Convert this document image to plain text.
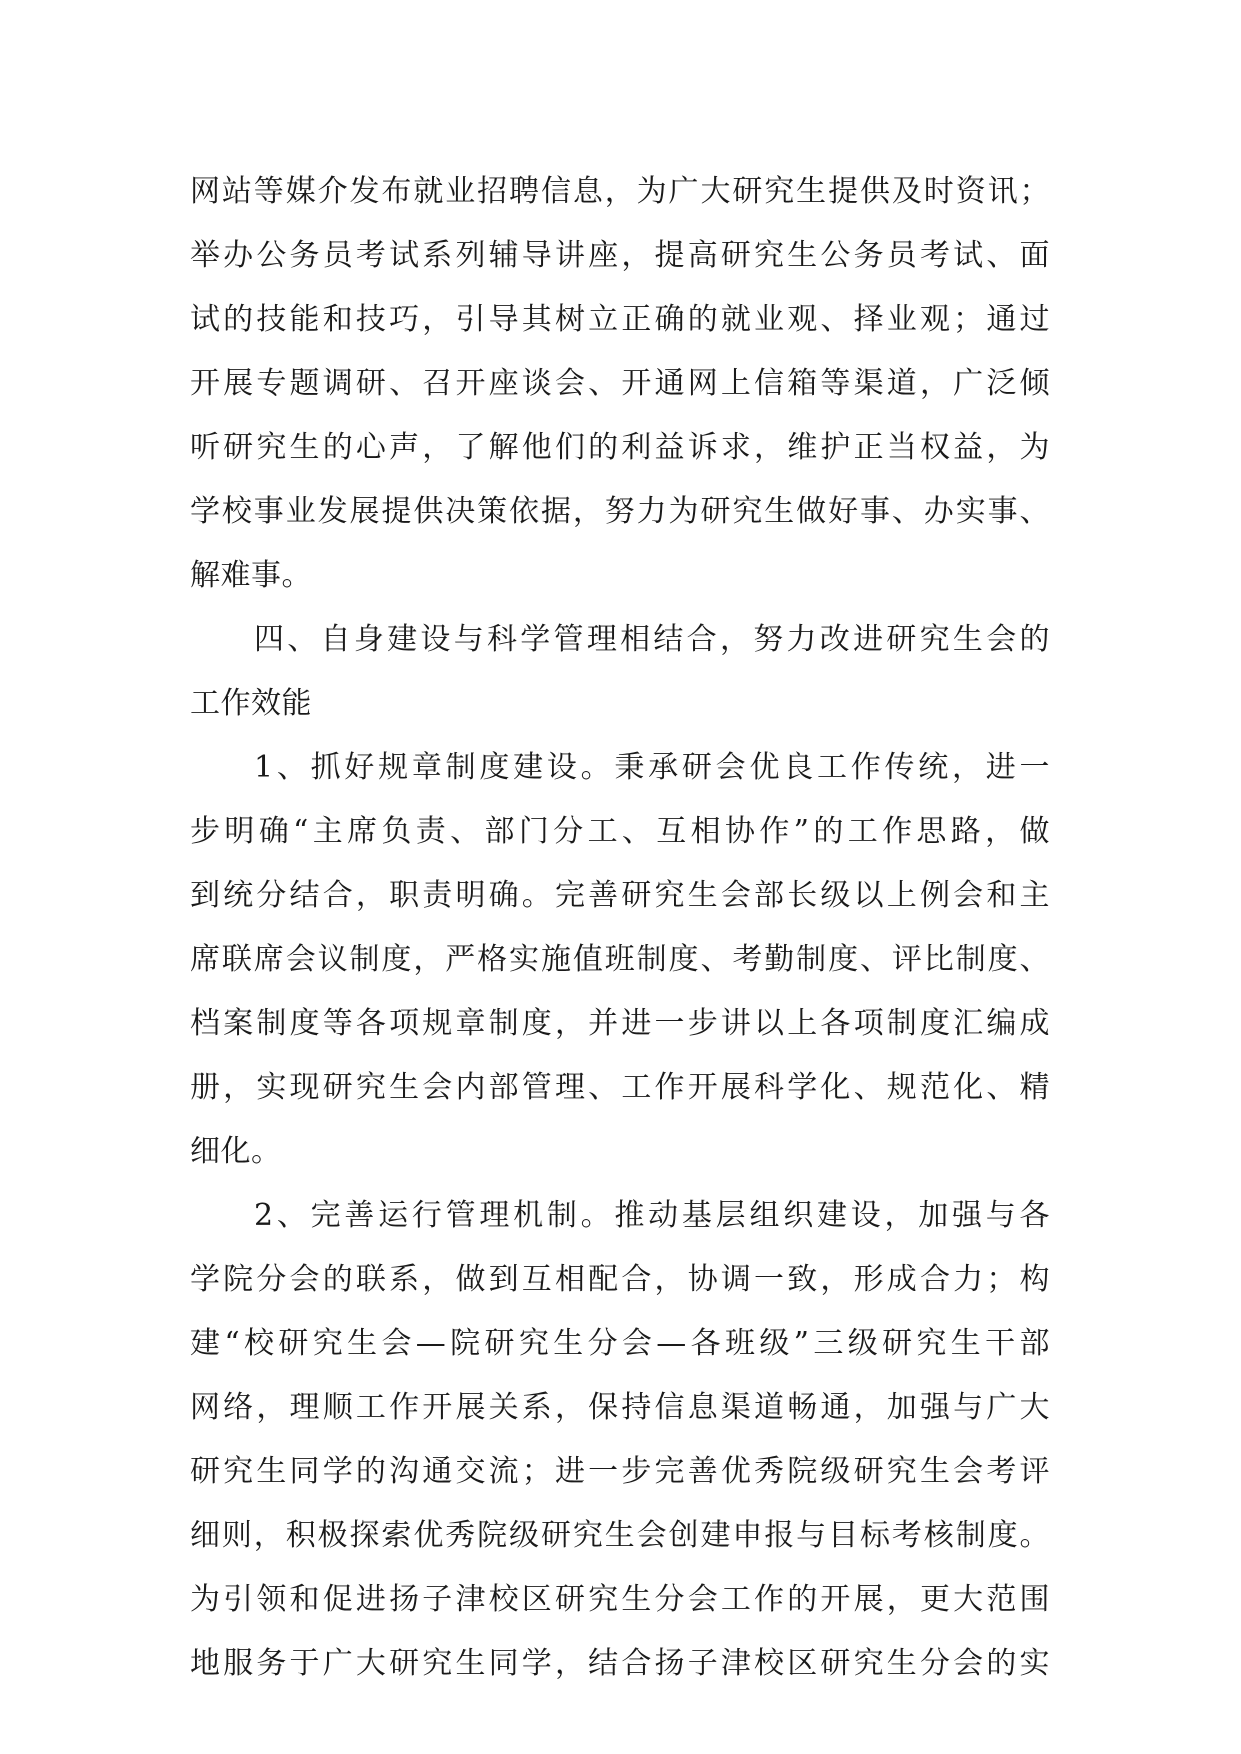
网站等媒介发布就业招聘信息，为广大研究生提供及时资讯；
举办公务员考试系列辅导讲座，提高研究生公务员考试、面
试的技能和技巧，引导其树立正确的就业观、择业观；通过
开展专题调研、召开座谈会、开通网上信箱等渠道，广泛倾
听研究生的心声，了解他们的利益诉求，维护正当权益，为
学校事业发展提供决策依据，努力为研究生做好事、办实事、
解难事。
四、自身建设与科学管理相结合，努力改进研究生会的
工作效能
1、抓好规章制度建设。秉承研会优良工作传统，进一
步明确“主席负责、部门分工、互相协作”的工作思路，做
到统分结合，职责明确。完善研究生会部长级以上例会和主
席联席会议制度，严格实施值班制度、考勤制度、评比制度、
档案制度等各项规章制度，并进一步讲以上各项制度汇编成
册，实现研究生会内部管理、工作开展科学化、规范化、精
细化。
2、完善运行管理机制。推动基层组织建设，加强与各
学院分会的联系，做到互相配合，协调一致，形成合力；构
建“校研究生会—院研究生分会—各班级”三级研究生干部
网络，理顺工作开展关系，保持信息渠道畅通，加强与广大
研究生同学的沟通交流；进一步完善优秀院级研究生会考评
细则，积极探索优秀院级研究生会创建申报与目标考核制度。
为引领和促进扬子津校区研究生分会工作的开展，更大范围
地服务于广大研究生同学，结合扬子津校区研究生分会的实
